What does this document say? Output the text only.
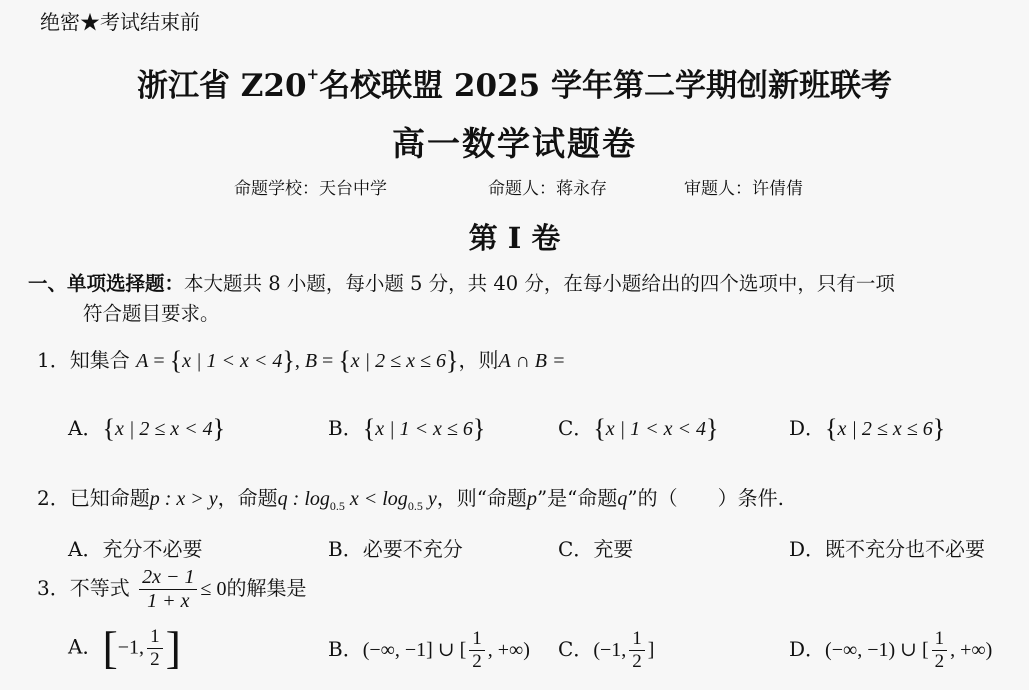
绝密★考试结束前
浙江省 Z20+名校联盟 2025 学年第二学期创新班联考
高一数学试题卷
命题学校：天台中学	命题人：蒋永存	审题人：许倩倩
第 I 卷
一、单项选择题：本大题共 8 小题，每小题 5 分，共 40 分，在每小题给出的四个选项中，只有一项
符合题目要求。
1．知集合 A = {x | 1 < x < 4}, B = {x | 2 ≤ x ≤ 6}，则A ∩ B =
A．{x | 2 ≤ x < 4}	B．{x | 1 < x ≤ 6}	C．{x | 1 < x < 4}	D．{x | 2 ≤ x ≤ 6}
2．已知命题p : x > y，命题q : $\log_{0.5} x < \log_{0.5} y$，则“命题p”是“命题q”的（　　）条件.
A．充分不必要	B．必要不充分	C．充要	D．既不充分也不必要
3．不等式 $\frac{2x - 1}{1 + x} \le 0$的解集是
A．[−1, $\frac{1}{2}$ ]	B．(−∞, −1] ∪ [ $\frac{1}{2}$ , +∞) C．(−1, $\frac{1}{2}$ ]	D．(−∞, −1) ∪ [ $\frac{1}{2}$ , +∞)
